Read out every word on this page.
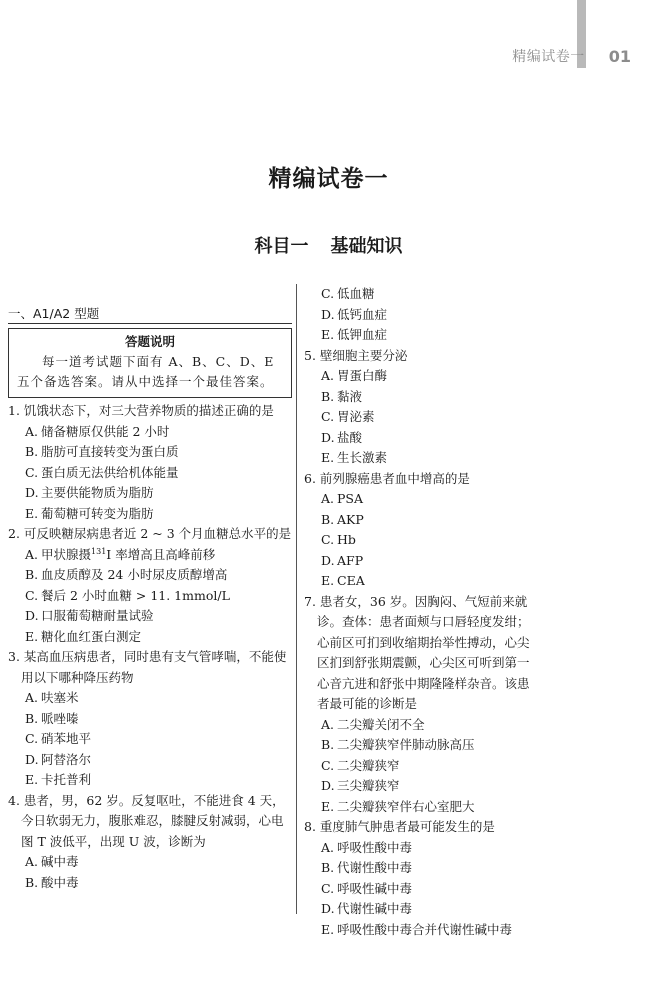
精编试卷一 01
精编试卷一
科目一 基础知识
一、A1/A2 型题
答题说明
每一道考试题下面有 A、B、C、D、E 五个备选答案。请从中选择一个最佳答案。
1. 饥饿状态下，对三大营养物质的描述正确的是
A. 储备糖原仅供能 2 小时
B. 脂肪可直接转变为蛋白质
C. 蛋白质无法供给机体能量
D. 主要供能物质为脂肪
E. 葡萄糖可转变为脂肪
2. 可反映糖尿病患者近 2 ~ 3 个月血糖总水平的是
A. 甲状腺摄$^{131}$I 率增高且高峰前移
B. 血皮质醇及 24 小时尿皮质醇增高
C. 餐后 2 小时血糖 > 11. 1mmol/L
D. 口服葡萄糖耐量试验
E. 糖化血红蛋白测定
3. 某高血压病患者，同时患有支气管哮喘，不能使用以下哪种降压药物
A. 呋塞米
B. 哌唑嗪
C. 硝苯地平
D. 阿替洛尔
E. 卡托普利
4. 患者，男，62 岁。反复呕吐，不能进食 4 天，今日软弱无力，腹胀难忍，膝腱反射减弱，心电图 T 波低平，出现 U 波，诊断为
A. 碱中毒
B. 酸中毒
C. 低血糖
D. 低钙血症
E. 低钾血症
5. 壁细胞主要分泌
A. 胃蛋白酶
B. 黏液
C. 胃泌素
D. 盐酸
E. 生长激素
6. 前列腺癌患者血中增高的是
A. PSA
B. AKP
C. Hb
D. AFP
E. CEA
7. 患者女，36 岁。因胸闷、气短前来就诊。查体：患者面颊与口唇轻度发绀；心前区可扪到收缩期抬举性搏动，心尖区扪到舒张期震颤，心尖区可听到第一心音亢进和舒张中期隆隆样杂音。该患者最可能的诊断是
A. 二尖瓣关闭不全
B. 二尖瓣狭窄伴肺动脉高压
C. 二尖瓣狭窄
D. 三尖瓣狭窄
E. 二尖瓣狭窄伴右心室肥大
8. 重度肺气肿患者最可能发生的是
A. 呼吸性酸中毒
B. 代谢性酸中毒
C. 呼吸性碱中毒
D. 代谢性碱中毒
E. 呼吸性酸中毒合并代谢性碱中毒
